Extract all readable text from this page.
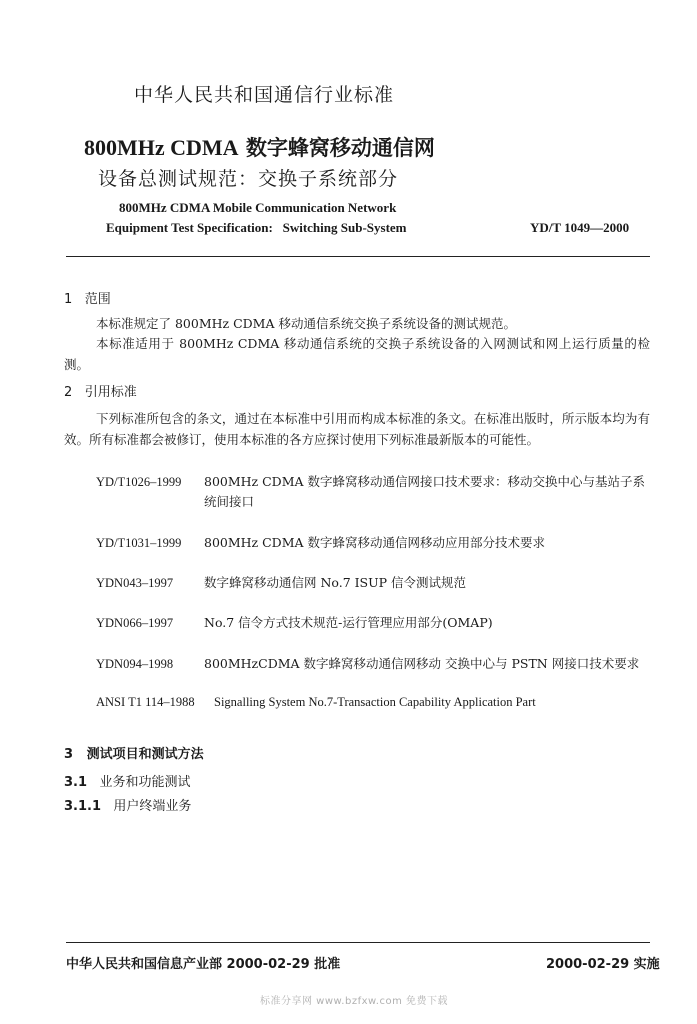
中华人民共和国通信行业标准
800MHz CDMA 数字蜂窝移动通信网
设备总测试规范：交换子系统部分
800MHz CDMA Mobile Communication Network
Equipment Test Specification:   Switching Sub-System	YD/T 1049—2000
1 范围
本标准规定了 800MHz CDMA 移动通信系统交换子系统设备的测试规范。
本标准适用于 800MHz CDMA 移动通信系统的交换子系统设备的入网测试和网上运行质量的检测。
2 引用标准
下列标准所包含的条文，通过在本标准中引用而构成本标准的条文。在标准出版时，所示版本均为有效。所有标准都会被修订，使用本标准的各方应探讨使用下列标准最新版本的可能性。
YD/T1026–1999 800MHz CDMA 数字蜂窝移动通信网接口技术要求：移动交换中心与基站子系统间接口
YD/T1031–1999 800MHz CDMA 数字蜂窝移动通信网移动应用部分技术要求
YDN043–1997 数字蜂窝移动通信网 No.7 ISUP 信令测试规范
YDN066–1997 No.7 信令方式技术规范-运行管理应用部分(OMAP)
YDN094–1998 800MHzCDMA 数字蜂窝移动通信网移动 交换中心与 PSTN 网接口技术要求
ANSI T1 114–1988 Signalling System No.7-Transaction Capability Application Part
3 测试项目和测试方法
3.1 业务和功能测试
3.1.1 用户终端业务
中华人民共和国信息产业部 2000-02-29 批准	2000-02-29 实施
标准分享网 www.bzfxw.com 免费下载
